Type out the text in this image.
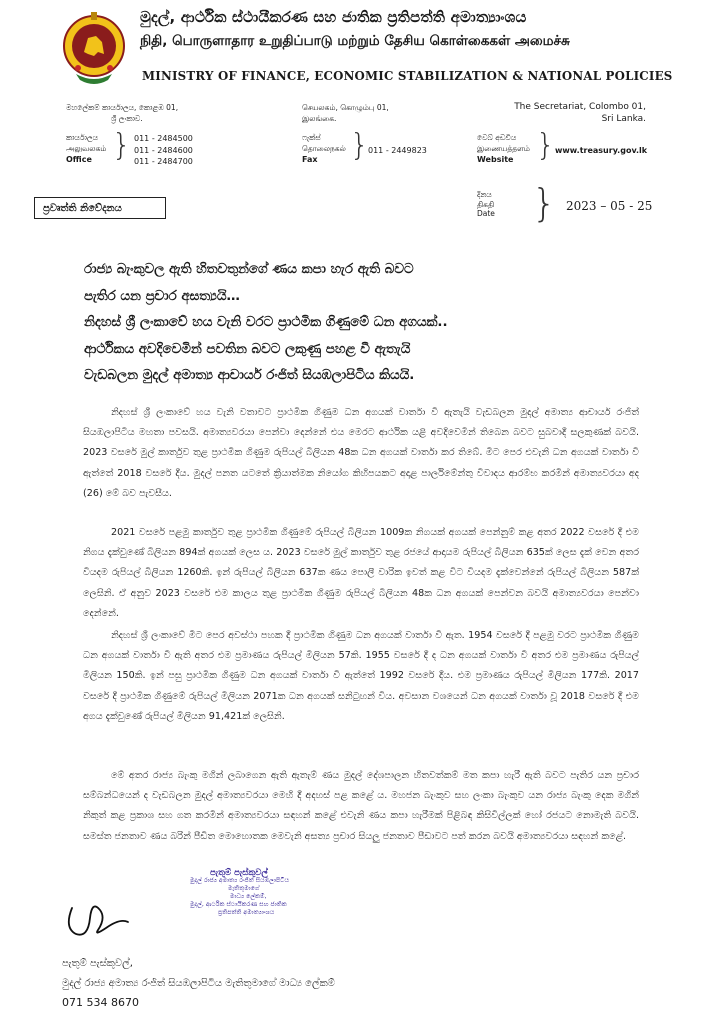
මුදල්, ආර්ථික ස්ථායීකරණ සහ ජාතික ප්‍රතිපත්ති අමාත්‍යාංශය
நிதி, பொருளாதார உறுதிப்பாடு மற்றும் தேசிய கொள்கைகள் அமைச்சு
MINISTRY OF FINANCE, ECONOMIC STABILIZATION & NATIONAL POLICIES
මහලේකම් කාර්යාලය, කොළඹ 01,
ශ්‍රී ලංකාව.
செயலகம், கொழும்பு 01,
இலங்கை.
The Secretariat, Colombo 01,
Sri Lanka.
කාර්යාලය
அலுவலகம்
Office } 011 - 2484500
011 - 2484600
011 - 2484700
ෆැක්ස්
தொலைநகல்
Fax	}
011 - 2449823
වෙබ් අඩවිය
இணையத்தளம்
Website } www.treasury.gov.lk
ප්‍රවෘත්ති නිවේදනය
දිනය
திகதி
Date } 2023 – 05 - 25
රාජ්‍ය බැංකුවල ඇති හිතවතුන්ගේ ණය කපා හැර ඇති බවට
පැතිර යන ප්‍රචාර අසත්‍යයි…
නිදහස් ශ්‍රී ලංකාවේ හය වැනි වරට ප්‍රාථමික ගිණුමේ ධන අගයක්..
ආර්ථිකය අවදිවෙමින් පවතින බවට ලකුණු පහළ වී ඇතැයි
වැඩබලන මුදල් අමාත්‍ය ආචාර්ය රංජිත් සියඹලාපිටිය කියයි.
නිදහස් ශ්‍රී ලංකාවේ හය වැනි වතාවට ප්‍රාථමික ගිණුම ධන අගයක් වාර්තා වී ඇතැයි වැඩබලන මුදල් අමාත්‍ය ආචාර්ය රංජිත් සියඹලාපිටිය මහතා පවසයි. අමාත්‍යවරයා පෙන්වා දෙන්නේ එය මෙරට ආර්ථික යළි අවදිවෙමින් තිබෙන බවට සුබවාදී සලකුණක් බවයි. 2023 වසරේ මුල් කාර්තුව තුළ ප්‍රාථමික ගිණුම රුපියල් බිලියන 48ක ධන අගයක් වාර්තා කර තිබේ. මීට පෙර එවැනි ධන අගයක් වාර්තා වී ඇත්තේ 2018 වසරේ දීය. මුදල් පනත යටතේ ක්‍රියාත්මක නියෝග කිහිපයකට අදාළ පාර්ලිමේන්තු විවාදය ආරම්භ කරමින් අමාත්‍යවරයා අද (26) මේ බව පැවසීය.
2021 වසරේ පළමු කාර්තුව තුළ ප්‍රාථමික ගිණුමේ රුපියල් බිලියන 1009ක නිගයක් අගයක් පෙන්නුම් කළ අතර 2022 වසරේ දී එම නිගය දැක්වුණේ බිලියන 894ක් අගයක් ලෙස ය. 2023 වසරේ මුල් කාර්තුව තුළ රජයේ ආදායම රුපියල් බිලියන 635ක් ලෙස දැක් වෙන අතර වියදම රුපියල් බිලියන 1260කි. ඉන් රුපියල් බිලියන 637ක ණය පොලී වාරික ඉවත් කළ විට වියදම දැක්වෙන්නේ රුපියල් බිලියන 587ක් ලෙසිනි. ඒ අනුව 2023 වසරේ එම කාලය තුළ ප්‍රාථමික ගිණුම රුපියල් බිලියන 48ක ධන අගයක් පෙන්වන බවයි අමාත්‍යවරයා පෙන්වා දෙන්නේ.
නිදහස් ශ්‍රී ලංකාවේ මීට පෙර අවස්ථා පහක දී ප්‍රාථමික ගිණුම ධන අගයක් වාර්තා වී ඇත. 1954 වසරේ දී පළමු වරට ප්‍රාථමික ගිණුම ධන අගයක් වාර්තා වී ඇති අතර එම ප්‍රමාණය රුපියල් මිලියන 57කි. 1955 වසරේ දී ද ධන අගයක් වාර්තා වී අතර එම ප්‍රමාණය රුපියල් මිලියන 150කි. ඉන් පසු ප්‍රාථමික ගිණුම ධන අගයක් වාර්තා වී ඇත්තේ 1992 වසරේ දීය. එම ප්‍රමාණය රුපියල් මිලියන 177කි. 2017 වසරේ දී ප්‍රාථමික ගිණුමේ රුපියල් මිලියන 2071ක ධන අගයක් සනිටුහන් විය. අවසාන වශයෙන් ධන අගයක් වාර්තා වූ 2018 වසරේ දී එම අගය දැක්වුණේ රුපියල් මිලියන 91,421ක් ලෙසිනි.
මේ අතර රාජ්‍ය බැංකු මගින් ලබාගෙන ඇති ඇතැම් ණය මුදල් දේශපාලන හිතවත්කම් මත කපා හැරී ඇති බවට පැතිර යන ප්‍රචාර සම්බන්ධයෙන් ද වැඩබලන මුදල් අමාත්‍යවරයා මෙහි දී අදහස් පළ කළේ ය. මහජන බැංකුව සහ ලංකා බැංකුව යන රාජ්‍ය බැංකු දෙක මගින් නිකුත් කළ ප්‍රකාශ සහ ගත කරමින් අමාත්‍යවරයා සඳහන් කළේ එවැනි ණය කපා හැරීමක් පිළිබඳ කිසිවිල්ලක් හෝ රජයට නොමැති බවයි. සමස්ත ජනතාව ණය බරින් පීඩිත මොහොතක මෙවැනි අසත්‍ය ප්‍රචාර සියලු ජනතාව පීඩාවට පත් කරන බවයි අමාත්‍යවරයා සඳහන් කළේ.
පැතුම් පැස්කුවල්
මුදල් රාජ්‍ය අමාත්‍ය රංජිත් සියඹලාපිටිය
මැතිතුමාගේ
මාධ්‍ය ලේකම්,
මුදල්, ආර්ථික ස්ථායීකරණ සහ ජාතික
ප්‍රතිපත්ති අමාත්‍යාංශය
පැතුම් පැස්කුවල්,
මුදල් රාජ්‍ය අමාත්‍ය රංජිත් සියඹලාපිටිය මැතිතුමාගේ මාධ්‍ය ලේකම්
071 534 8670
